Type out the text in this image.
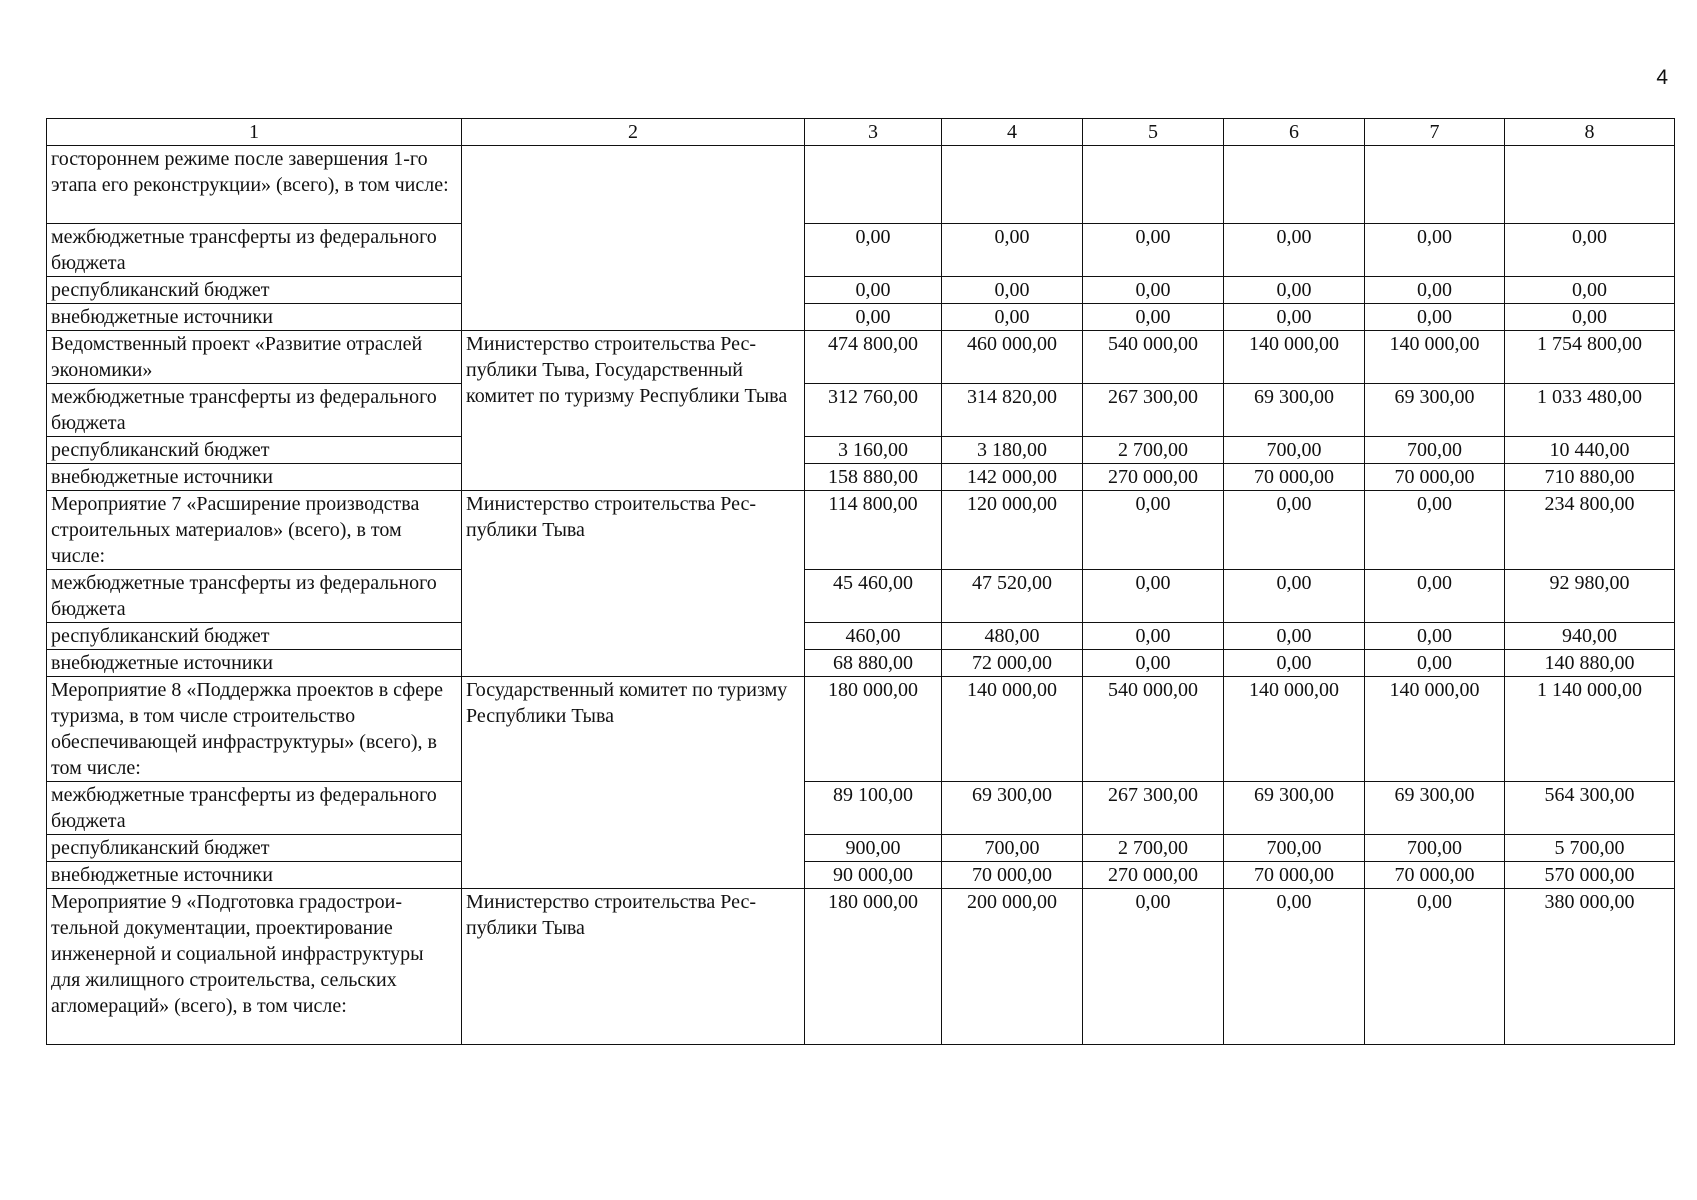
4
1	2	3	4	5	6	7	8
гостороннем режиме после завершения 1-го этапа его реконструкции» (всего), в том числе:							
межбюджетные трансферты из федерального бюджета		0,00	0,00	0,00	0,00	0,00	0,00
республиканский бюджет		0,00	0,00	0,00	0,00	0,00	0,00
внебюджетные источники		0,00	0,00	0,00	0,00	0,00	0,00
Ведомственный проект «Развитие отраслей экономики»	Министерство строительства Республики Тыва, Государственный комитет по туризму Республики Тыва	474 800,00	460 000,00	540 000,00	140 000,00	140 000,00	1 754 800,00
межбюджетные трансферты из федерального бюджета		312 760,00	314 820,00	267 300,00	69 300,00	69 300,00	1 033 480,00
республиканский бюджет		3 160,00	3 180,00	2 700,00	700,00	700,00	10 440,00
внебюджетные источники		158 880,00	142 000,00	270 000,00	70 000,00	70 000,00	710 880,00
Мероприятие 7 «Расширение производства строительных материалов» (всего), в том числе:	Министерство строительства Республики Тыва	114 800,00	120 000,00	0,00	0,00	0,00	234 800,00
межбюджетные трансферты из федерального бюджета		45 460,00	47 520,00	0,00	0,00	0,00	92 980,00
республиканский бюджет		460,00	480,00	0,00	0,00	0,00	940,00
внебюджетные источники		68 880,00	72 000,00	0,00	0,00	0,00	140 880,00
Мероприятие 8 «Поддержка проектов в сфере туризма, в том числе строительство обеспечивающей инфраструктуры» (всего), в том числе:	Государственный комитет по туризму Республики Тыва	180 000,00	140 000,00	540 000,00	140 000,00	140 000,00	1 140 000,00
межбюджетные трансферты из федерального бюджета		89 100,00	69 300,00	267 300,00	69 300,00	69 300,00	564 300,00
республиканский бюджет		900,00	700,00	2 700,00	700,00	700,00	5 700,00
внебюджетные источники		90 000,00	70 000,00	270 000,00	70 000,00	70 000,00	570 000,00
Мероприятие 9 «Подготовка градостроительной документации, проектирование инженерной и социальной инфраструктуры для жилищного строительства, сельских агломераций» (всего), в том числе:	Министерство строительства Республики Тыва	180 000,00	200 000,00	0,00	0,00	0,00	380 000,00
